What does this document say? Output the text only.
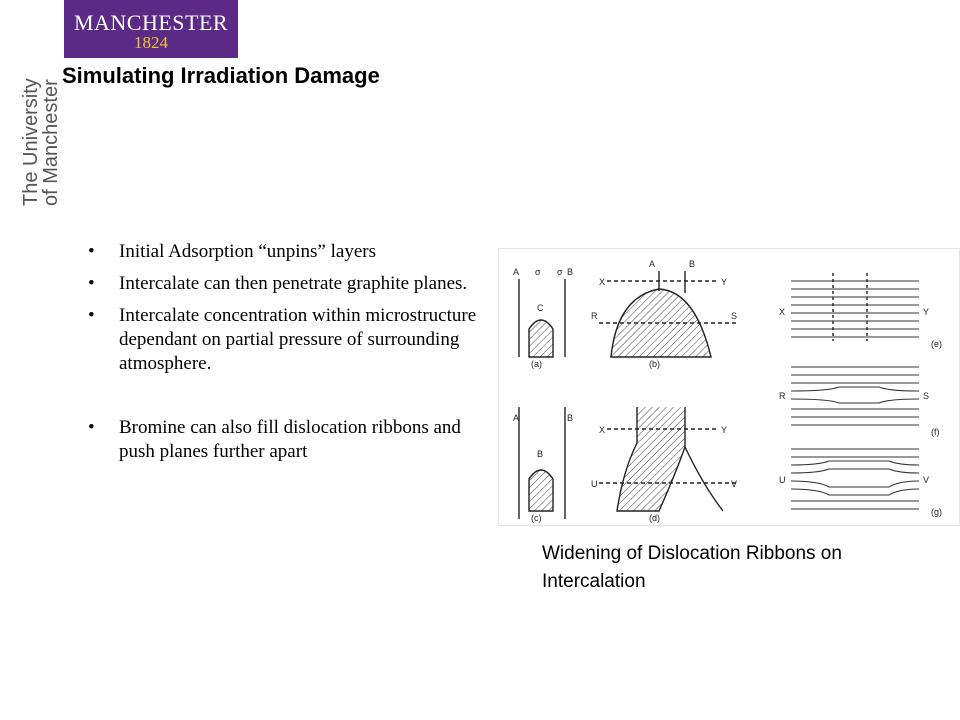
MANCHESTER
1824
The University
of Manchester
Simulating Irradiation Damage
• Initial Adsorption “unpins” layers
• Intercalate can then penetrate graphite planes.
• Intercalate concentration within microstructure dependant on partial pressure of surrounding atmosphere.
• Bromine can also fill dislocation ribbons and push planes further apart
A σ σ B
C
(a)
X	Y
R	S
A	B
(b)
A	B
B
(c)
X	Y
U	V
(d)
X	Y
(e)
R	S
(f)
U	V
(g)
Widening of Dislocation Ribbons on Intercalation
